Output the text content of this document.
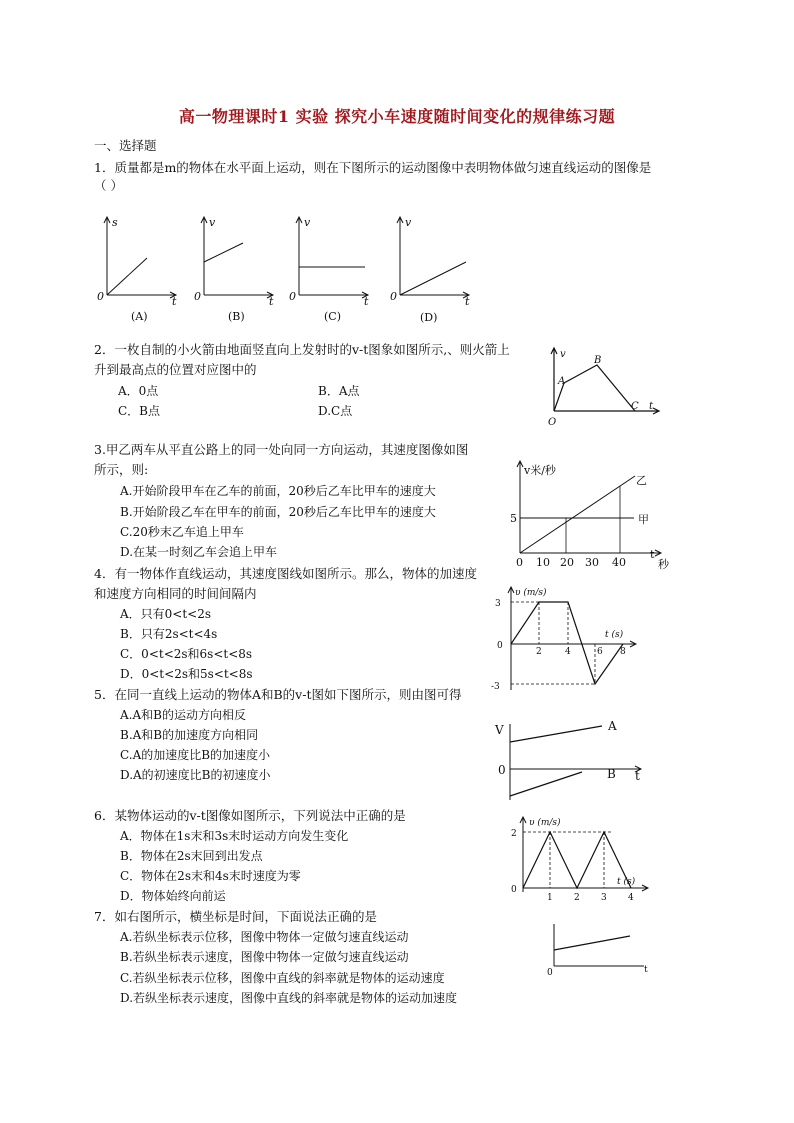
高一物理课时1 实验 探究小车速度随时间变化的规律练习题
一、选择题
1．质量都是m的物体在水平面上运动，则在下图所示的运动图像中表明物体做匀速直线运动的图像是
（ ）
s
0	t
(A)
v
0	t
(B)
v
0	t
(C)
v
0	t
(D)
2．一枚自制的小火箭由地面竖直向上发射时的v-t图象如图所示,、则火箭上
升到最高点的位置对应图中的
A．0点	B．A点
C．B点	D.C点
v
A
B
C t
O
3.甲乙两车从平直公路上的同一处向同一方向运动，其速度图像如图
所示，则:
A.开始阶段甲车在乙车的前面，20秒后乙车比甲车的速度大
B.开始阶段乙车在甲车的前面，20秒后乙车比甲车的速度大
C.20秒末乙车追上甲车
D.在某一时刻乙车会追上甲车
v米/秒
乙
甲
5
0 10 20 30 40
t
秒
4．有一物体作直线运动，其速度图线如图所示。那么，物体的加速度
和速度方向相同的时间间隔内
A．只有0<t<2s
B．只有2s<t<4s
C．0<t<2s和6s<t<8s
D．0<t<2s和5s<t<8s
υ (m/s)
t (s)
3
0
-3
2	4	6 8
5．在同一直线上运动的物体A和B的v-t图如下图所示，则由图可得
A.A和B的运动方向相反
B.A和B的加速度方向相同
C.A的加速度比B的加速度小
D.A的初速度比B的初速度小
V	A
B
0	t
6．某物体运动的v-t图像如图所示，下列说法中正确的是
A．物体在1s末和3s末时运动方向发生变化
B．物体在2s末回到出发点
C．物体在2s末和4s末时速度为零
D．物体始终向前运
υ (m/s)
t (s)
2
0
1 2 3 4
7．如右图所示，横坐标是时间，下面说法正确的是
A.若纵坐标表示位移，图像中物体一定做匀速直线运动
B.若纵坐标表示速度，图像中物体一定做匀速直线运动
C.若纵坐标表示位移，图像中直线的斜率就是物体的运动速度
D.若纵坐标表示速度，图像中直线的斜率就是物体的运动加速度
0	t
